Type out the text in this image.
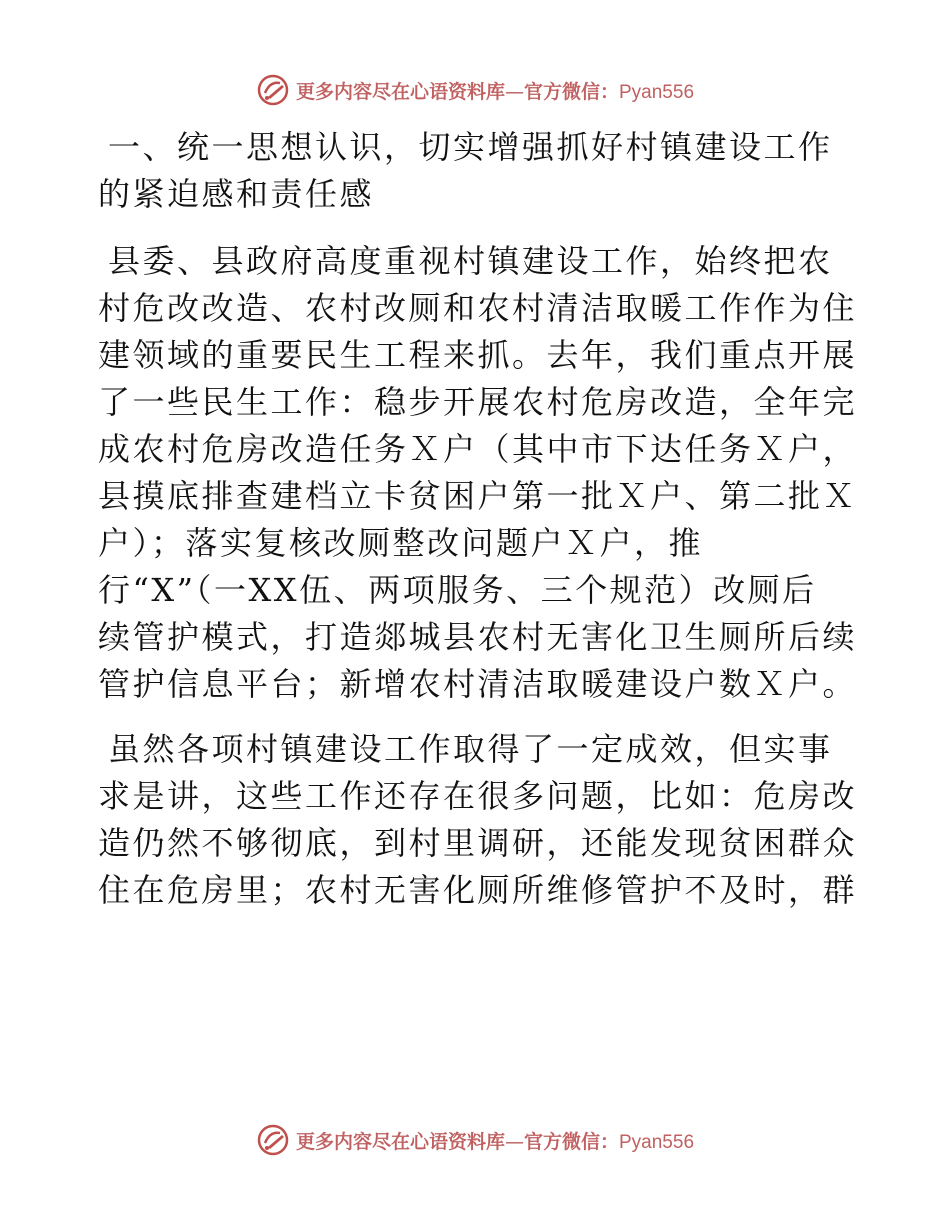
更多内容尽在心语资料库—官方微信：Pyan556
一、统一思想认识，切实增强抓好村镇建设工作
的紧迫感和责任感
县委、县政府高度重视村镇建设工作，始终把农
村危改改造、农村改厕和农村清洁取暖工作作为住
建领域的重要民生工程来抓。去年，我们重点开展
了一些民生工作：稳步开展农村危房改造，全年完
成农村危房改造任务Ｘ户（其中市下达任务Ｘ户，
县摸底排查建档立卡贫困户第一批Ｘ户、第二批Ｘ
户）；落实复核改厕整改问题户Ｘ户，推
行“X”（一XX伍、两项服务、三个规范）改厕后
续管护模式，打造郯城县农村无害化卫生厕所后续
管护信息平台；新增农村清洁取暖建设户数Ｘ户。
虽然各项村镇建设工作取得了一定成效，但实事
求是讲，这些工作还存在很多问题，比如：危房改
造仍然不够彻底，到村里调研，还能发现贫困群众
住在危房里；农村无害化厕所维修管护不及时，群
更多内容尽在心语资料库—官方微信：Pyan556
